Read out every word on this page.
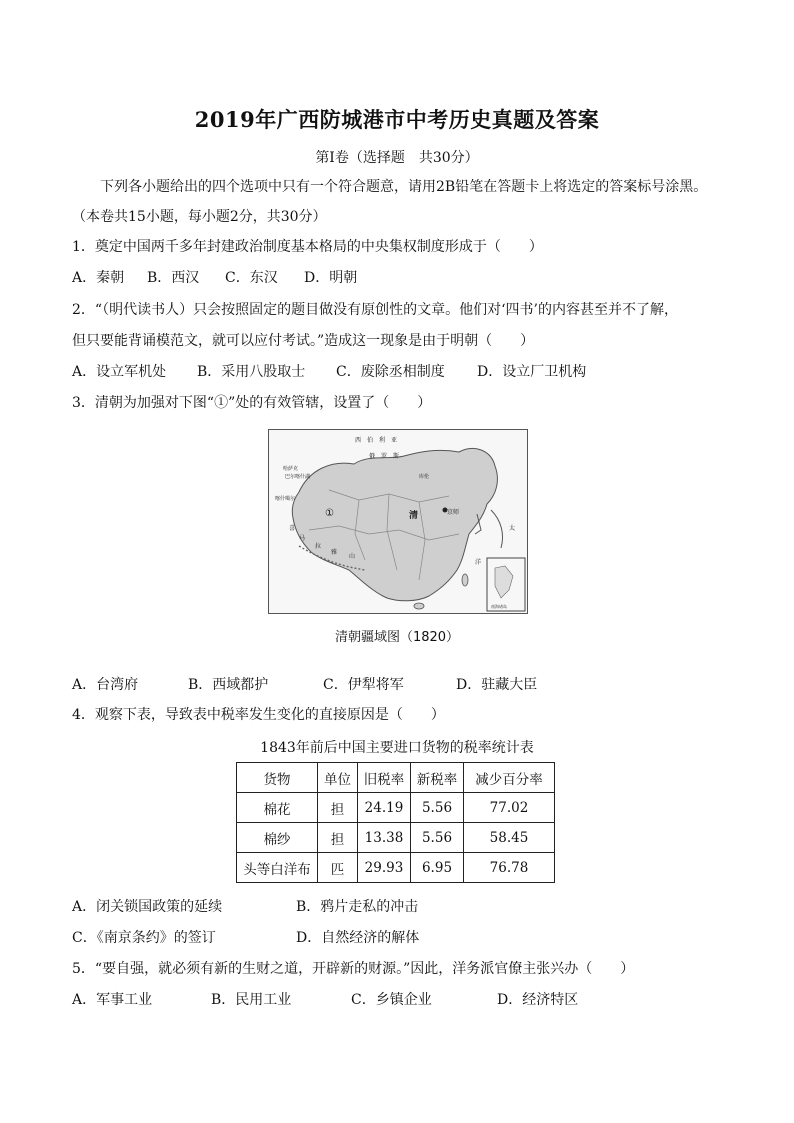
2019年广西防城港市中考历史真题及答案
第Ⅰ卷（选择题　共30分）
下列各小题给出的四个选项中只有一个符合题意，请用2B铅笔在答题卡上将选定的答案标号涂黑。
（本卷共15小题，每小题2分，共30分）
1．奠定中国两千多年封建政治制度基本格局的中央集权制度形成于（　　）
A．秦朝 B．西汉 C．东汉 D．明朝
2．“（明代读书人）只会按照固定的题目做没有原创性的文章。他们对‘四书’的内容甚至并不了解，
但只要能背诵模范文，就可以应付考试。”造成这一现象是由于明朝（　　）
A．设立军机处 B．采用八股取士 C．废除丞相制度 D．设立厂卫机构
3．清朝为加强对下图“①”处的有效管辖，设置了（　　）
西　伯　利　亚
俄　罗　斯
哈萨克
巴尔喀什湖
喀什噶尔
库伦
京师
清
①
喜
马
拉
雅
山
太
洋
南海诸岛
清朝疆域图（1820）
A．台湾府	B．西域都护	C．伊犁将军	D．驻藏大臣
4．观察下表，导致表中税率发生变化的直接原因是（　　）
1843年前后中国主要进口货物的税率统计表
货物	单位	旧税率	新税率	减少百分率
棉花	担	24.19	5.56	77.02
棉纱	担	13.38	5.56	58.45
头等白洋布	匹	29.93	6.95	76.78
A．闭关锁国政策的延续	B．鸦片走私的冲击
C．《南京条约》的签订	D．自然经济的解体
5．“要自强，就必须有新的生财之道，开辟新的财源。”因此，洋务派官僚主张兴办（　　）
A．军事工业	B．民用工业	C．乡镇企业	D．经济特区
